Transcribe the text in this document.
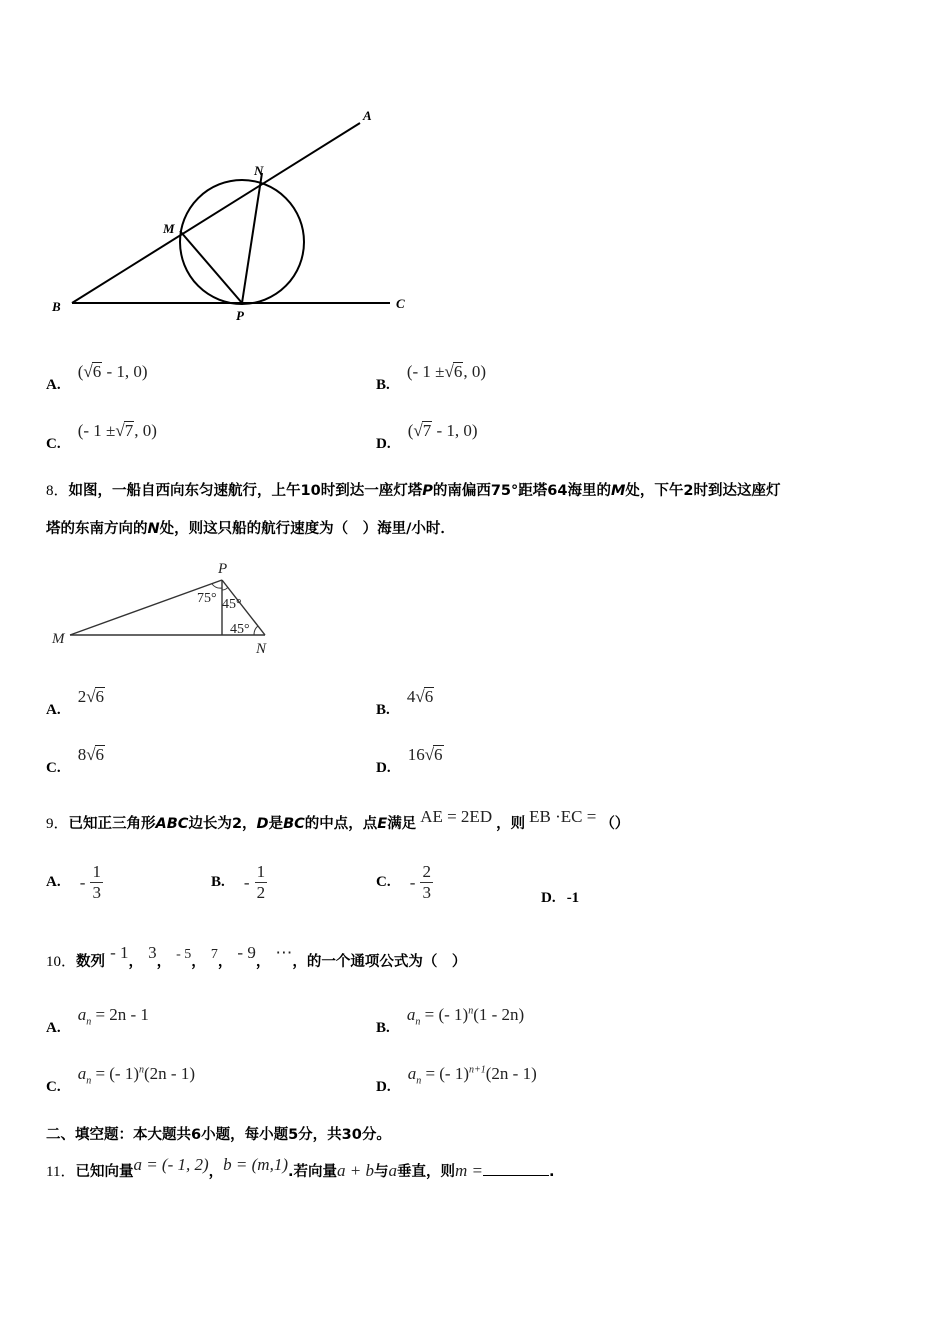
A
N
M
B
P
C
A. (√6 - 1, 0)
B. (- 1 ±√6, 0)
C. (- 1 ±√7, 0)
D. (√7 - 1, 0)
8．如图，一船自西向东匀速航行，上午10时到达一座灯塔P的南偏西75°距塔64海里的M处，下午2时到达这座灯
塔的东南方向的N处，则这只船的航行速度为（　）海里/小时．
P
M
N
75° 45°
45°
A. 2√6
B. 4√6
C. 8√6
D. 16√6
9．已知正三角形ABC边长为2，D是BC的中点，点E满足 AE = 2ED ，则 EB ·EC = （）
A. - $\frac{1}{3}$	B. - $\frac{1}{2}$	C. - $\frac{2}{3}$	D. -1
10．数列 - 1， 3， - 5， 7， - 9， ⋯，的一个通项公式为（　）
A. $a_n = 2n - 1$
B. $a_n$ = (- 1)$^n$(1 - 2n)
C. $a_n$ = (- 1)$^n$(2n - 1)
D. $a_n$ = (- 1)$^{n+1}$(2n - 1)
二、填空题：本大题共6小题，每小题5分，共30分。
11．已知向量a = (- 1, 2)，b = (m,1).若向量a + b与a垂直，则m =	.
